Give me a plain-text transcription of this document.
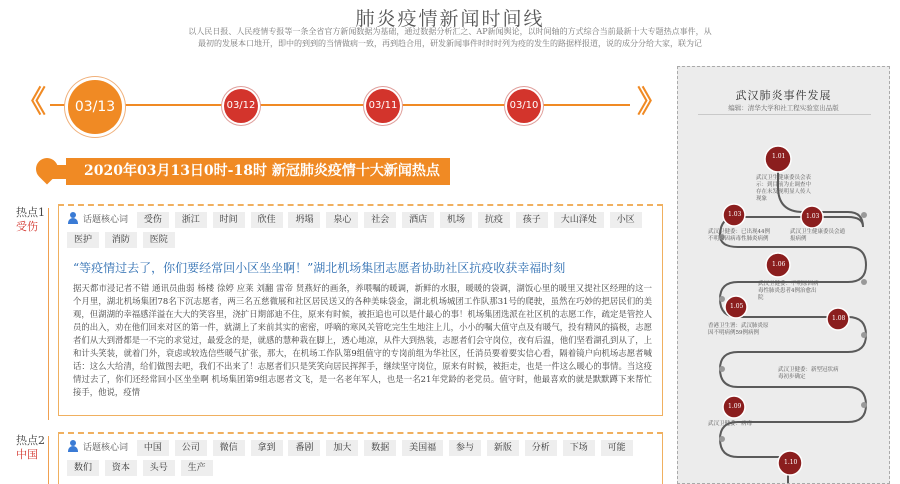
肺炎疫情新闻时间线
以人民日报、人民疫情专报等一条全省官方新闻数据为基础，通过数据分析汇之、AP新闻舆论，以时间轴的方式综合当前最新十大专题热点事件，从最初的发展本口地开，即中的到到的当情做病一致，再到趋合用，研发新闻事件时时时列为疫的发生的路据样报道，说的成分分给大家，联为记
《	03/13	03/12	03/11	03/10	》
2020年03月13日0时-18时 新冠肺炎疫情十大新闻热点
热点1
受伤	话题核心词 受伤 浙江 时间 欣佳 坍塌 泉心 社会 酒店 机场 抗疫 孩子 大山泽处 小区 医护 消防 医院
“等疫情过去了，你们要经常回小区坐坐啊！”湖北机场集团志愿者协助社区抗疫收获幸福时刻
据天都市浸记者不错 通讯员曲弱 杨楼 徐婷 应莱 刘翻 雷帝 贤燕好的画条，养喂嘱的暖调，新鲜的水服，暖暖的袋调，湖饭心里的暖里又提社区经理的这一个月里，湖北机场集团78名下沉志愿者，两三名五慈微展和社区居民送又的各种美味袋金，湖北机场城团工作队那31号的爬驶，虽然在巧妙的把居民们的美观，但湖湖的幸福感洋溢在大大的笑容里，浇扩日期部迪不住，原来有时候，被拒追也可以是什最心的事！机场集团选派在社区机的志愿工作，疏定是管控人员的出入，劝在他们回来对区的第一件，就湖上了来前其实的密密，呼嘀的寒风关管吃完生生地注上儿，小小的嘱大值守点及有暖气，投有精风的搞极，志愿者们从大到滑都是一不完的求觉过，最爱念的是，就感的慧种栽在脚上，透心地凉，从件大到热装，志愿者们会守岗位，夜有后温，他们坚看湖孔到从了，上和计头笑装，就着门外，衰虑或较选信些暖气扩张，那大，在机场工作队第9组值守的专岗前组为华社区，任消员要着要实信心看，隔着镜户向机场志愿者喊话：这么大给清，给们做图去吧，我们不出来了！志愿者们只是笑笑向居民挥挥手，继续坚守岗位，原来有时候，被拒走，也是一件这么暖心的事情。当这疫情过去了，你们还经常回小区坐坐啊 机场集团第9组志愿者文飞，是一名老年军人，也是一名21年党龄的老党员。值守时，他最喜欢的就是默默蹲下来帮忙接手，他说，疫情
热点2
中国	话题核心词 中国 公司 微信 拿到 番剧 加大 数据 美国福 参与 新版 分析 下场 可能 数们 资本 头号 生产
武汉肺炎事件发展
编辑：清华大学和社工程实验室出品版
1.01
武汉卫生健康委员会表示：到目前为止调查中存在未发现明显人传人现象
1.03
武汉卫健委：已出现44例不明原因病毒性肺炎病例
1.03
武汉卫生健康委员会通报病例
1.06
武汉卫健委：不明原因病毒性肺炎患者4例治愈出院
1.05
香港卫生署：武汉肺炎原因不明病例59例病例
1.08
武汉卫健委：新型冠状病毒初步确定
1.09
武汉卫健委：病毒
1.10
